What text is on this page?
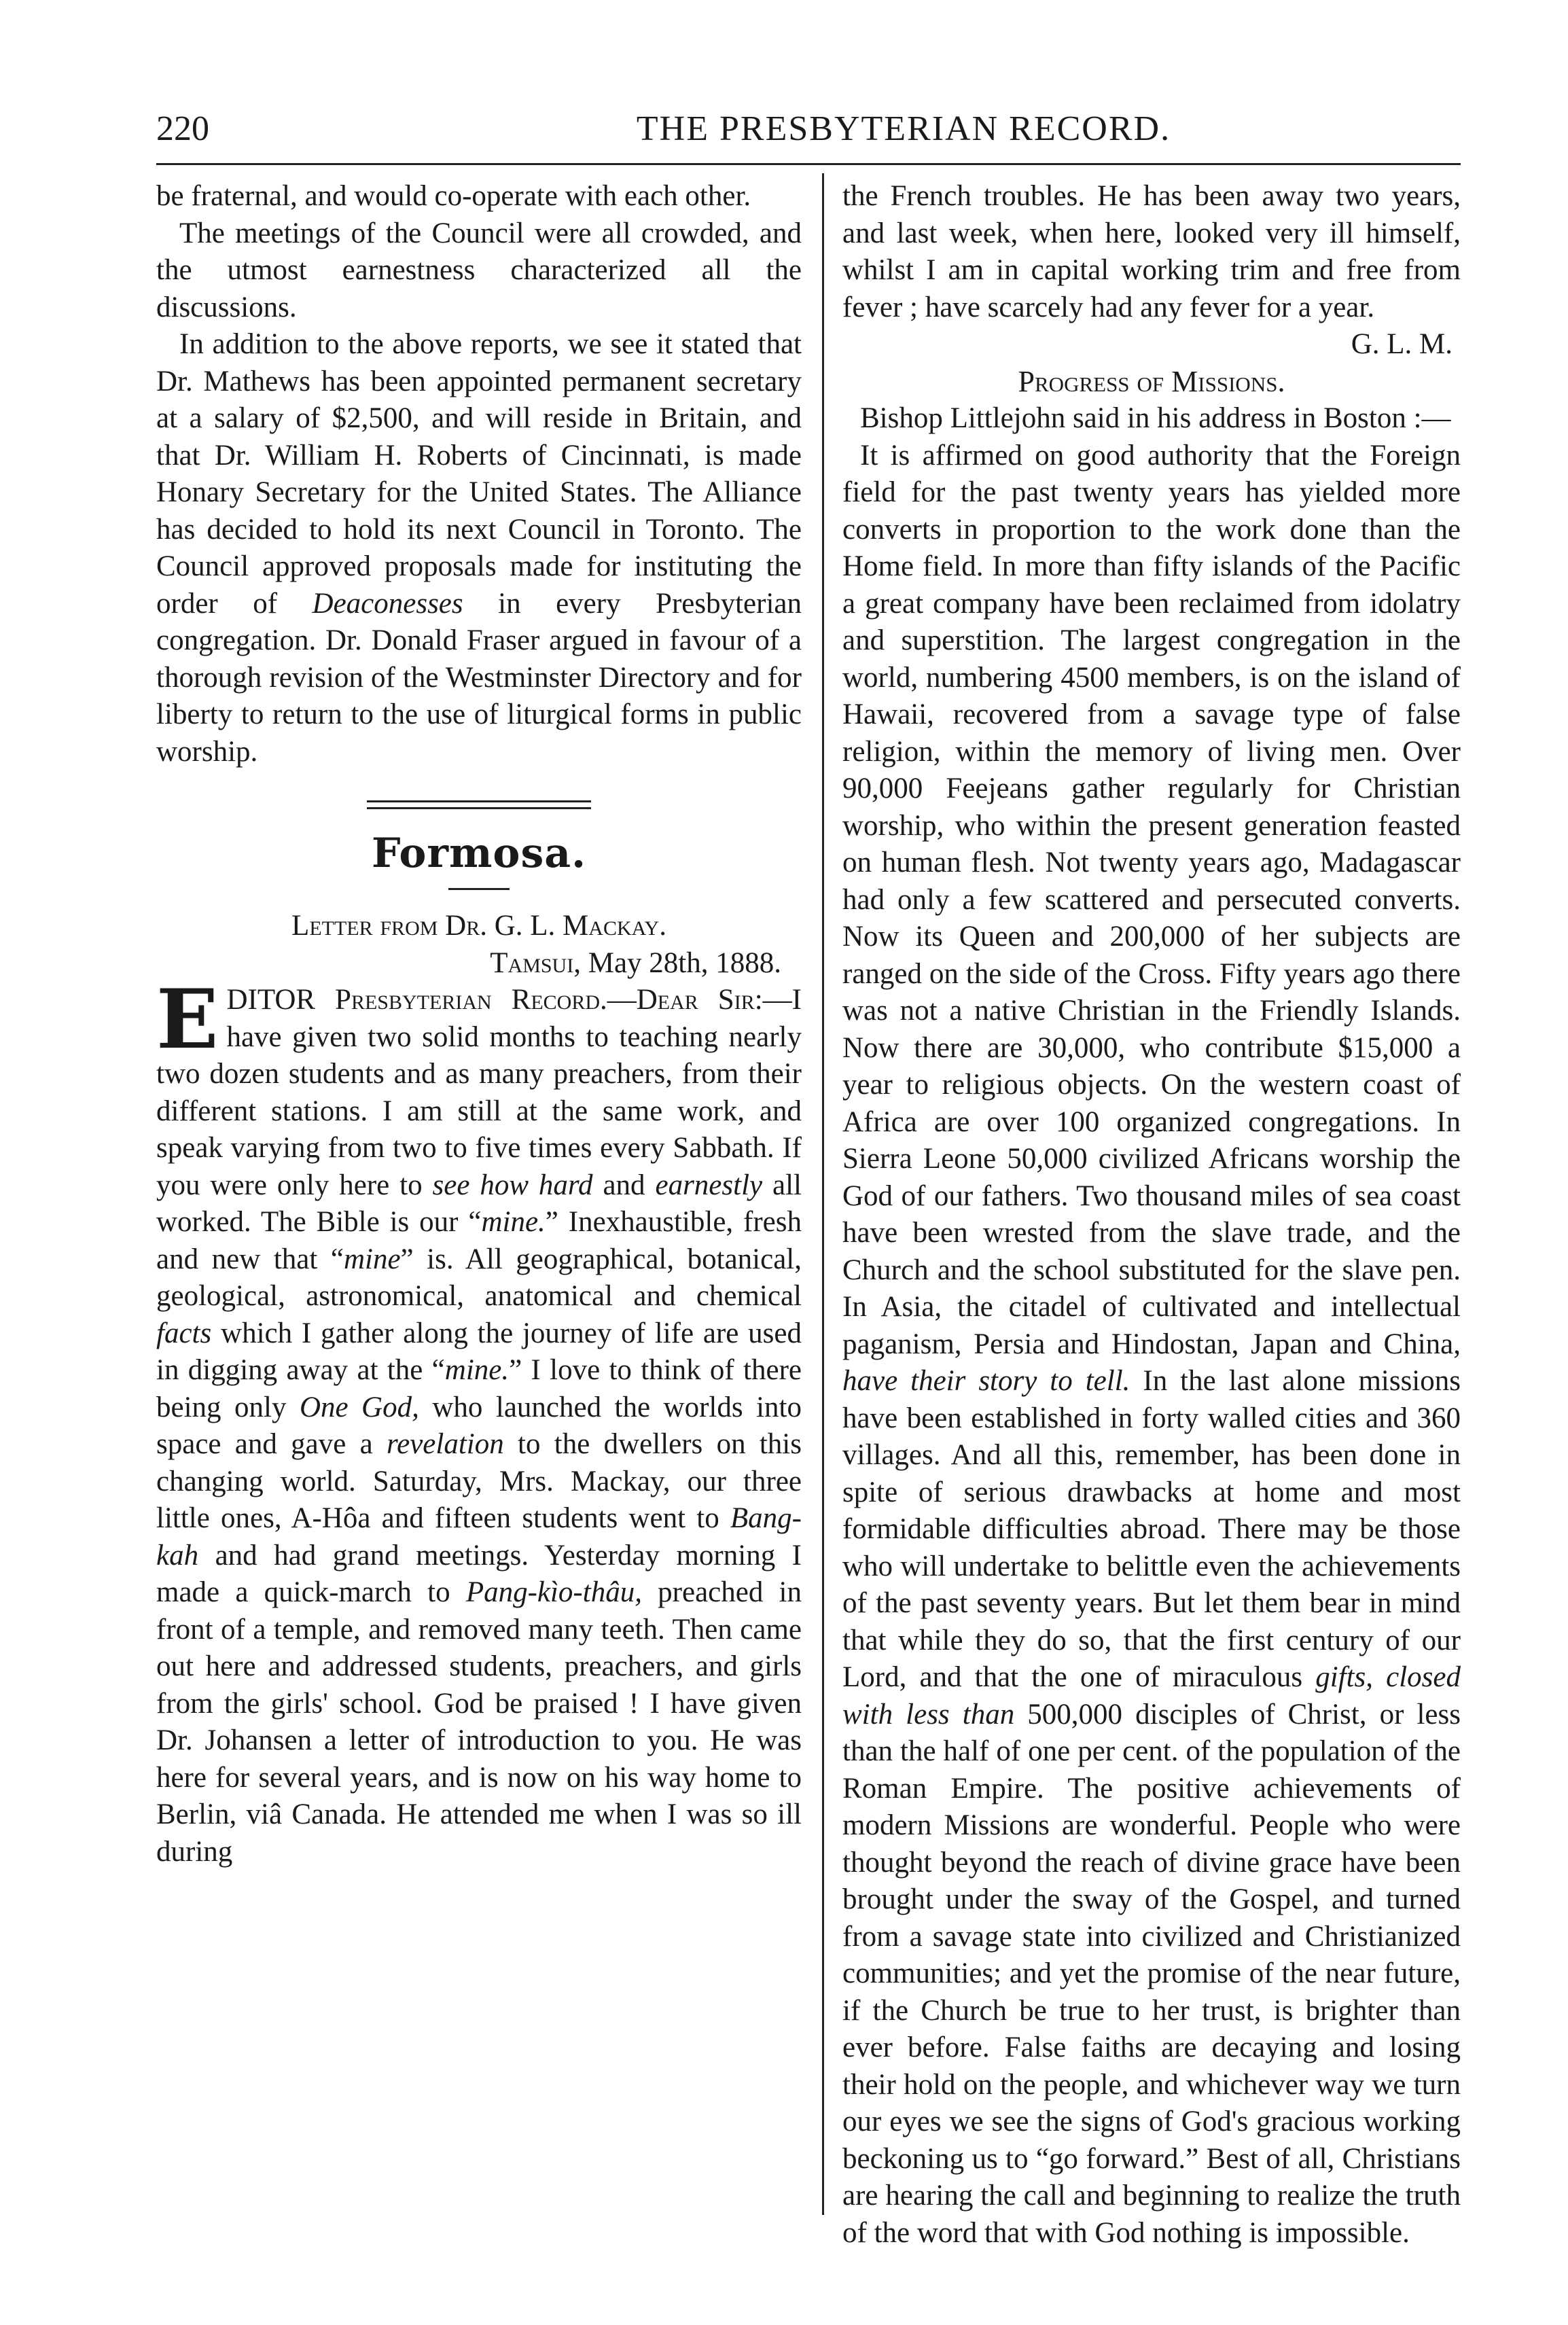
220	THE PRESBYTERIAN RECORD.

be fraternal, and would co-operate with each other.

The meetings of the Council were all crowded, and the utmost earnestness characterized all the discussions.

In addition to the above reports, we see it stated that Dr. Mathews has been appointed permanent secretary at a salary of $2,500, and will reside in Britain, and that Dr. William H. Roberts of Cincinnati, is made Honary Secretary for the United States. The Alliance has decided to hold its next Council in Toronto. The Council approved proposals made for instituting the order of Deaconesses in every Presbyterian congregation. Dr. Donald Fraser argued in favour of a thorough revision of the Westminster Directory and for liberty to return to the use of liturgical forms in public worship.

Formosa.

Letter from Dr. G. L. Mackay.

Tamsui, May 28th, 1888.

EDITOR Presbyterian Record.—Dear Sir:—I have given two solid months to teaching nearly two dozen students and as many preachers, from their different stations. I am still at the same work, and speak varying from two to five times every Sabbath. If you were only here to see how hard and earnestly all worked. The Bible is our “mine.” Inexhaustible, fresh and new that “mine” is. All geographical, botanical, geological, astronomical, anatomical and chemical facts which I gather along the journey of life are used in digging away at the “mine.” I love to think of there being only One God, who launched the worlds into space and gave a revelation to the dwellers on this changing world. Saturday, Mrs. Mackay, our three little ones, A-Hôa and fifteen students went to Bang-kah and had grand meetings. Yesterday morning I made a quick-march to Pang-kìo-thâu, preached in front of a temple, and removed many teeth. Then came out here and addressed students, preachers, and girls from the girls' school. God be praised ! I have given Dr. Johansen a letter of introduction to you. He was here for several years, and is now on his way home to Berlin, viâ Canada. He attended me when I was so ill during

the French troubles. He has been away two years, and last week, when here, looked very ill himself, whilst I am in capital working trim and free from fever ; have scarcely had any fever for a year.

G. L. M.

Progress of Missions.

Bishop Littlejohn said in his address in Boston :—

It is affirmed on good authority that the Foreign field for the past twenty years has yielded more converts in proportion to the work done than the Home field. In more than fifty islands of the Pacific a great company have been reclaimed from idolatry and superstition. The largest congregation in the world, numbering 4500 members, is on the island of Hawaii, recovered from a savage type of false religion, within the memory of living men. Over 90,000 Feejeans gather regularly for Christian worship, who within the present generation feasted on human flesh. Not twenty years ago, Madagascar had only a few scattered and persecuted converts. Now its Queen and 200,000 of her subjects are ranged on the side of the Cross. Fifty years ago there was not a native Christian in the Friendly Islands. Now there are 30,000, who contribute $15,000 a year to religious objects. On the western coast of Africa are over 100 organized congregations. In Sierra Leone 50,000 civilized Africans worship the God of our fathers. Two thousand miles of sea coast have been wrested from the slave trade, and the Church and the school substituted for the slave pen. In Asia, the citadel of cultivated and intellectual paganism, Persia and Hindostan, Japan and China, have their story to tell. In the last alone missions have been established in forty walled cities and 360 villages. And all this, remember, has been done in spite of serious drawbacks at home and most formidable difficulties abroad. There may be those who will undertake to belittle even the achievements of the past seventy years. But let them bear in mind that while they do so, that the first century of our Lord, and that the one of miraculous gifts, closed with less than 500,000 disciples of Christ, or less than the half of one per cent. of the population of the Roman Empire. The positive achievements of modern Missions are wonderful. People who were thought beyond the reach of divine grace have been brought under the sway of the Gospel, and turned from a savage state into civilized and Christianized communities; and yet the promise of the near future, if the Church be true to her trust, is brighter than ever before. False faiths are decaying and losing their hold on the people, and whichever way we turn our eyes we see the signs of God's gracious working beckoning us to “go forward.” Best of all, Christians are hearing the call and beginning to realize the truth of the word that with God nothing is impossible.
